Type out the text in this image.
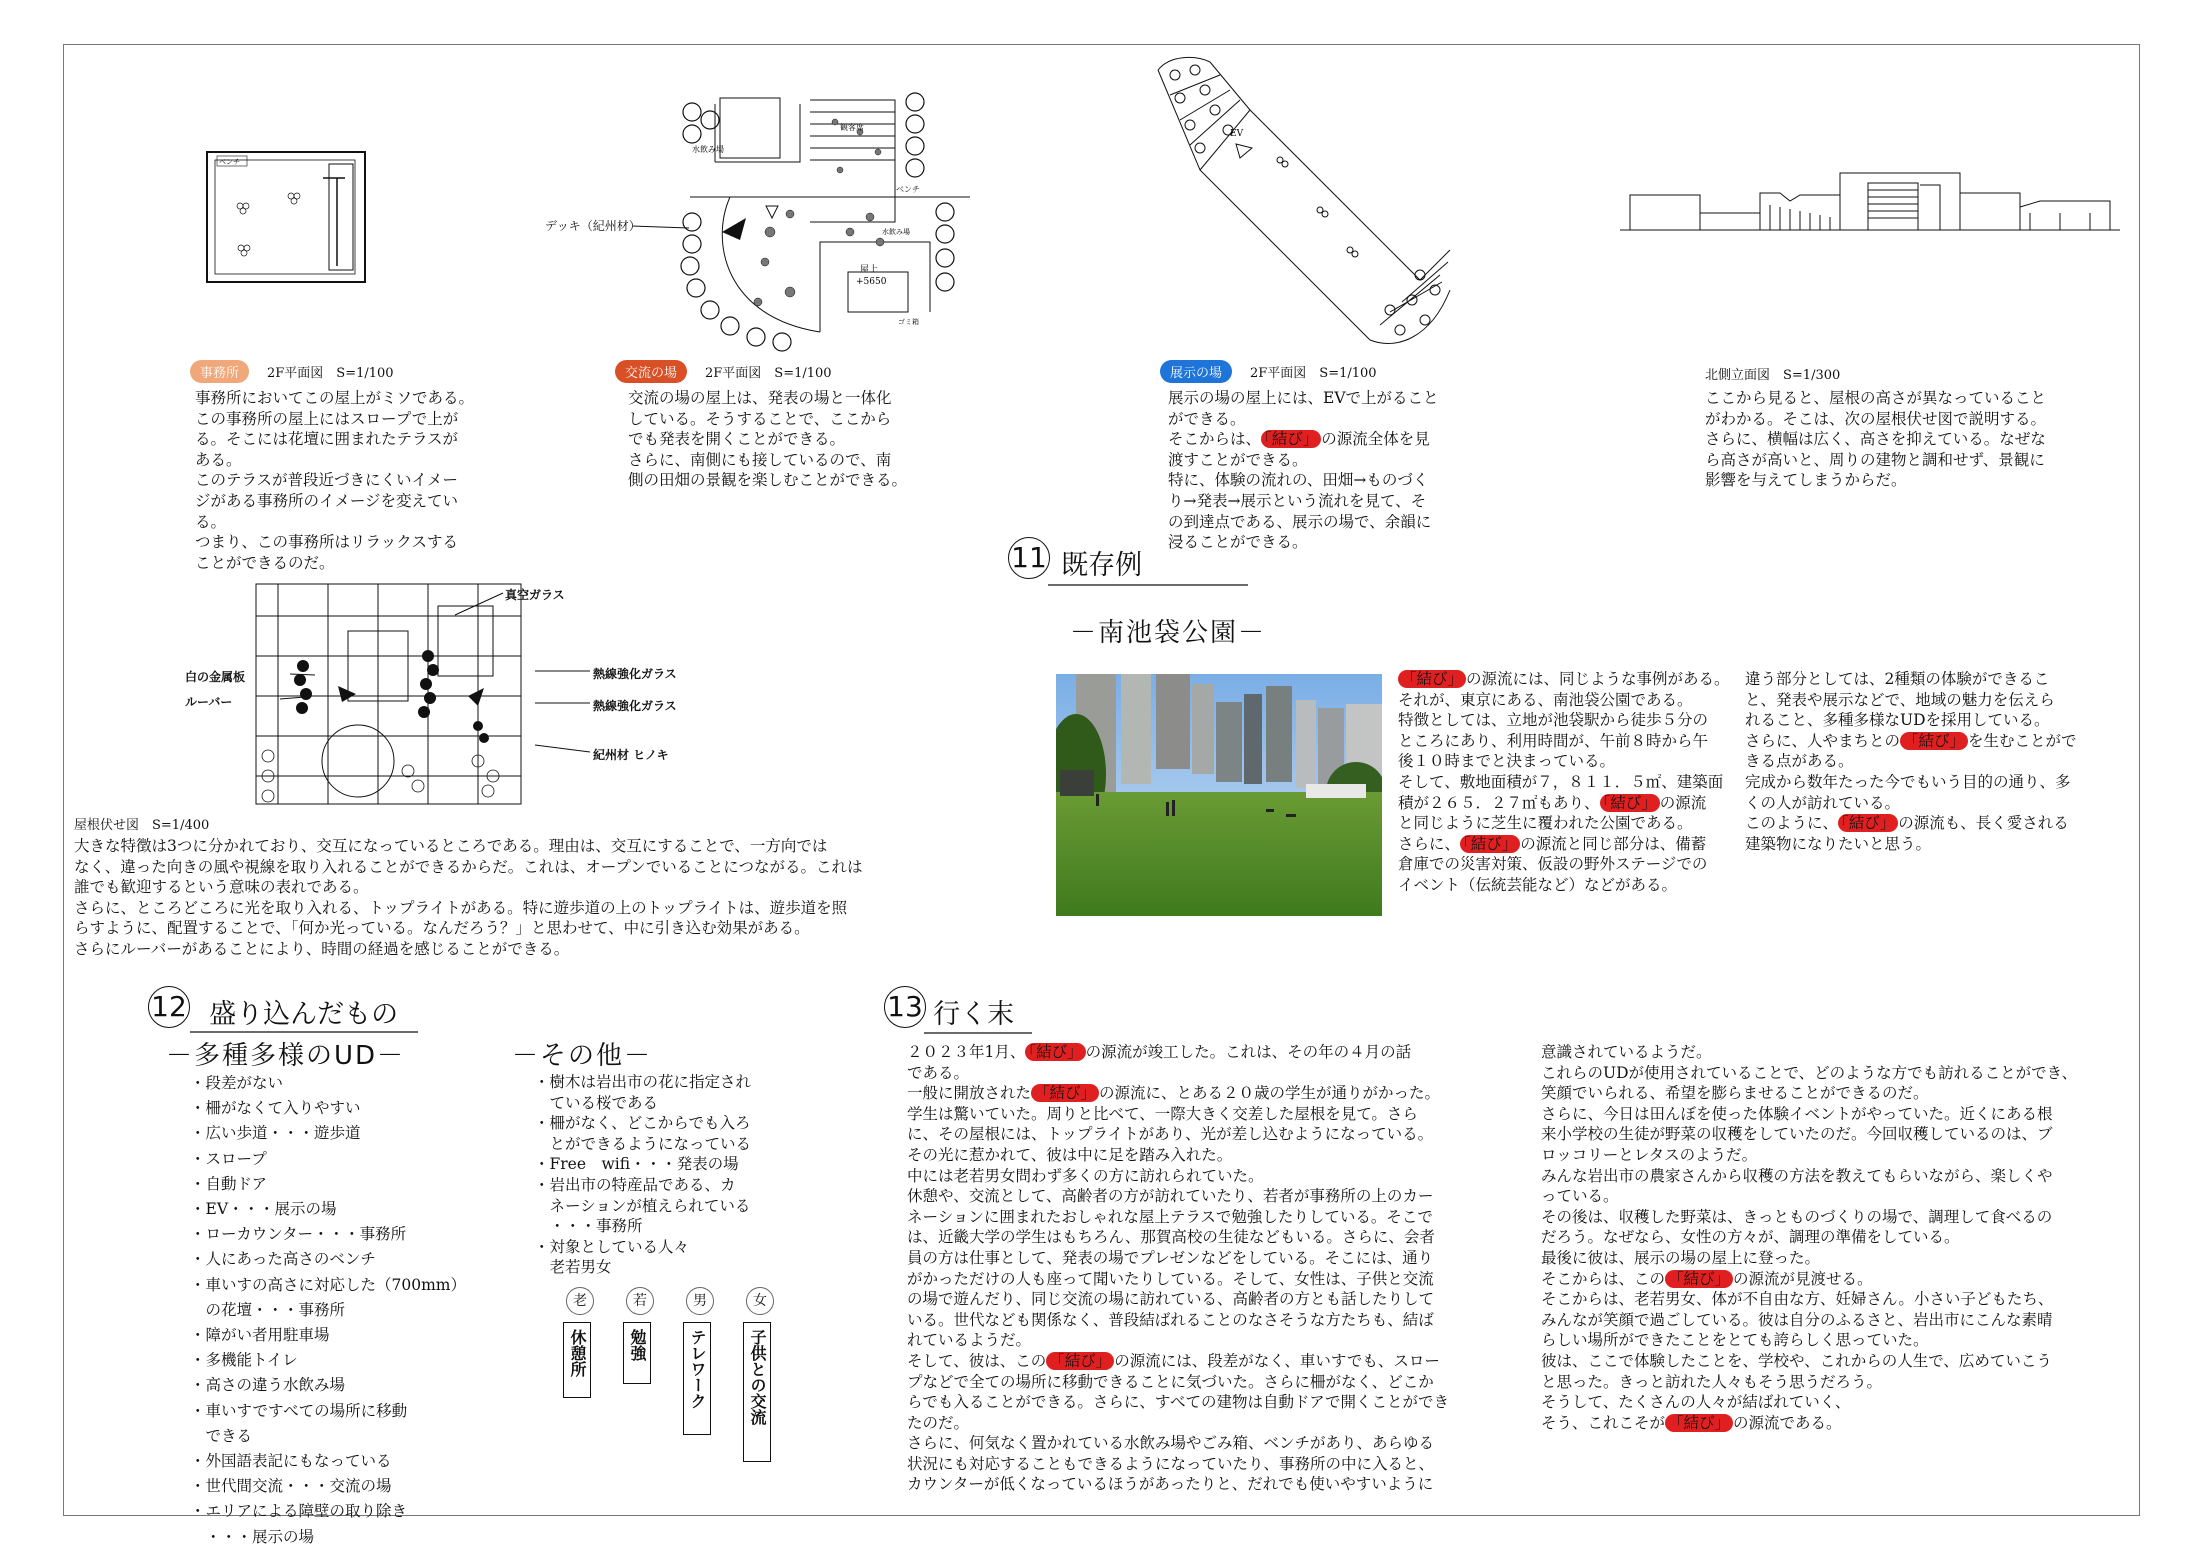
ベンチ
水飲み場
観客席
ベンチ
屋上
+5650
水飲み場
ゴミ箱
デッキ（紀州材）
EV
事務所 2F平面図　S=1/100
事務所においてこの屋上がミソである。
この事務所の屋上にはスロープで上が
る。そこには花壇に囲まれたテラスが
ある。
このテラスが普段近づきにくいイメー
ジがある事務所のイメージを変えてい
る。
つまり、この事務所はリラックスする
ことができるのだ。
交流の場 2F平面図　S=1/100
交流の場の屋上は、発表の場と一体化
している。そうすることで、ここから
でも発表を開くことができる。
さらに、南側にも接しているので、南
側の田畑の景観を楽しむことができる。
展示の場 2F平面図　S=1/100
展示の場の屋上には、EVで上がること
ができる。
そこからは、 「結び」 の源流全体を見
渡すことができる。
特に、体験の流れの、田畑→ものづく
り→発表→展示という流れを見て、そ
の到達点である、展示の場で、余韻に
浸ることができる。
北側立面図　S=1/300
ここから見ると、屋根の高さが異なっていること
がわかる。そこは、次の屋根伏せ図で説明する。
さらに、横幅は広く、高さを抑えている。なぜな
ら高さが高いと、周りの建物と調和せず、景観に
影響を与えてしまうからだ。
真空ガラス
白の金属板
ルーバー
熱線強化ガラス
熱線強化ガラス
紀州材 ヒノキ
屋根伏せ図　S=1/400
大きな特徴は3つに分かれており、交互になっているところである。理由は、交互にすることで、一方向では
なく、違った向きの風や視線を取り入れることができるからだ。これは、オープンでいることにつながる。これは
誰でも歓迎するという意味の表れである。
さらに、ところどころに光を取り入れる、トップライトがある。特に遊歩道の上のトップライトは、遊歩道を照
らすように、配置することで、「何か光っている。なんだろう？」と思わせて、中に引き込む効果がある。
さらにルーバーがあることにより、時間の経過を感じることができる。
11 既存例
－南池袋公園－
「結び」 の源流には、同じような事例がある。
それが、東京にある、南池袋公園である。
特徴としては、立地が池袋駅から徒歩５分の
ところにあり、利用時間が、午前８時から午
後１０時までと決まっている。
そして、敷地面積が７，８１１．５㎡、建築面
積が２６５．２７㎡もあり、 「結び」 の源流
と同じように芝生に覆われた公園である。
さらに、 「結び」 の源流と同じ部分は、備蓄
倉庫での災害対策、仮設の野外ステージでの
イベント（伝統芸能など）などがある。
違う部分としては、2種類の体験ができるこ
と、発表や展示などで、地域の魅力を伝えら
れること、多種多様なUDを採用している。
さらに、人やまちとの 「結び」 を生むことがで
きる点がある。
完成から数年たった今でもいう目的の通り、多
くの人が訪れている。
このように、 「結び」 の源流も、長く愛される
建築物になりたいと思う。
12 盛り込んだもの
－多種多様のUD－
・段差がない
・柵がなくて入りやすい
・広い歩道・・・遊歩道
・スロープ
・自動ドア
・EV・・・展示の場
・ローカウンター・・・事務所
・人にあった高さのベンチ
・車いすの高さに対応した（700mm）
　の花壇・・・事務所
・障がい者用駐車場
・多機能トイレ
・高さの違う水飲み場
・車いすですべての場所に移動
　できる
・外国語表記にもなっている
・世代間交流・・・交流の場
・エリアによる障壁の取り除き
　・・・展示の場
－その他－
・樹木は岩出市の花に指定され
　ている桜である
・柵がなく、どこからでも入ろ
　とができるようになっている
・Free　wifi・・・発表の場
・岩出市の特産品である、カ
　ネーションが植えられている
　・・・事務所
・対象としている人々
　老若男女
老	若	男	女
休憩所	勉強	テレワーク	子供との交流
13 行く末
２０２３年1月、 「結び」 の源流が竣工した。これは、その年の４月の話
である。
一般に開放された 「結び」 の源流に、とある２０歳の学生が通りがかった。
学生は驚いていた。周りと比べて、一際大きく交差した屋根を見て。さら
に、その屋根には、トップライトがあり、光が差し込むようになっている。
その光に惹かれて、彼は中に足を踏み入れた。
中には老若男女問わず多くの方に訪れられていた。
休憩や、交流として、高齢者の方が訪れていたり、若者が事務所の上のカー
ネーションに囲まれたおしゃれな屋上テラスで勉強したりしている。そこで
は、近畿大学の学生はもちろん、那賀高校の生徒などもいる。さらに、会者
員の方は仕事として、発表の場でプレゼンなどをしている。そこには、通り
がかっただけの人も座って聞いたりしている。そして、女性は、子供と交流
の場で遊んだり、同じ交流の場に訪れている、高齢者の方とも話したりして
いる。世代なども関係なく、普段結ばれることのなさそうな方たちも、結ば
れているようだ。
そして、彼は、この 「結び」 の源流には、段差がなく、車いすでも、スロー
プなどで全ての場所に移動できることに気づいた。さらに柵がなく、どこか
らでも入ることができる。さらに、すべての建物は自動ドアで開くことができ
たのだ。
さらに、何気なく置かれている水飲み場やごみ箱、ベンチがあり、あらゆる
状況にも対応することもできるようになっていたり、事務所の中に入ると、
カウンターが低くなっているほうがあったりと、だれでも使いやすいように
意識されているようだ。
これらのUDが使用されていることで、どのような方でも訪れることができ、
笑顔でいられる、希望を膨らませることができるのだ。
さらに、今日は田んぼを使った体験イベントがやっていた。近くにある根
来小学校の生徒が野菜の収穫をしていたのだ。今回収穫しているのは、ブ
ロッコリーとレタスのようだ。
みんな岩出市の農家さんから収穫の方法を教えてもらいながら、楽しくや
っている。
その後は、収穫した野菜は、きっとものづくりの場で、調理して食べるの
だろう。なぜなら、女性の方々が、調理の準備をしている。
最後に彼は、展示の場の屋上に登った。
そこからは、この 「結び」 の源流が見渡せる。
そこからは、老若男女、体が不自由な方、妊婦さん。小さい子どもたち、
みんなが笑顔で過ごしている。彼は自分のふるさと、岩出市にこんな素晴
らしい場所ができたことをとても誇らしく思っていた。
彼は、ここで体験したことを、学校や、これからの人生で、広めていこう
と思った。きっと訪れた人々もそう思うだろう。
そうして、たくさんの人々が結ばれていく、
そう、これこそが 「結び」 の源流である。
